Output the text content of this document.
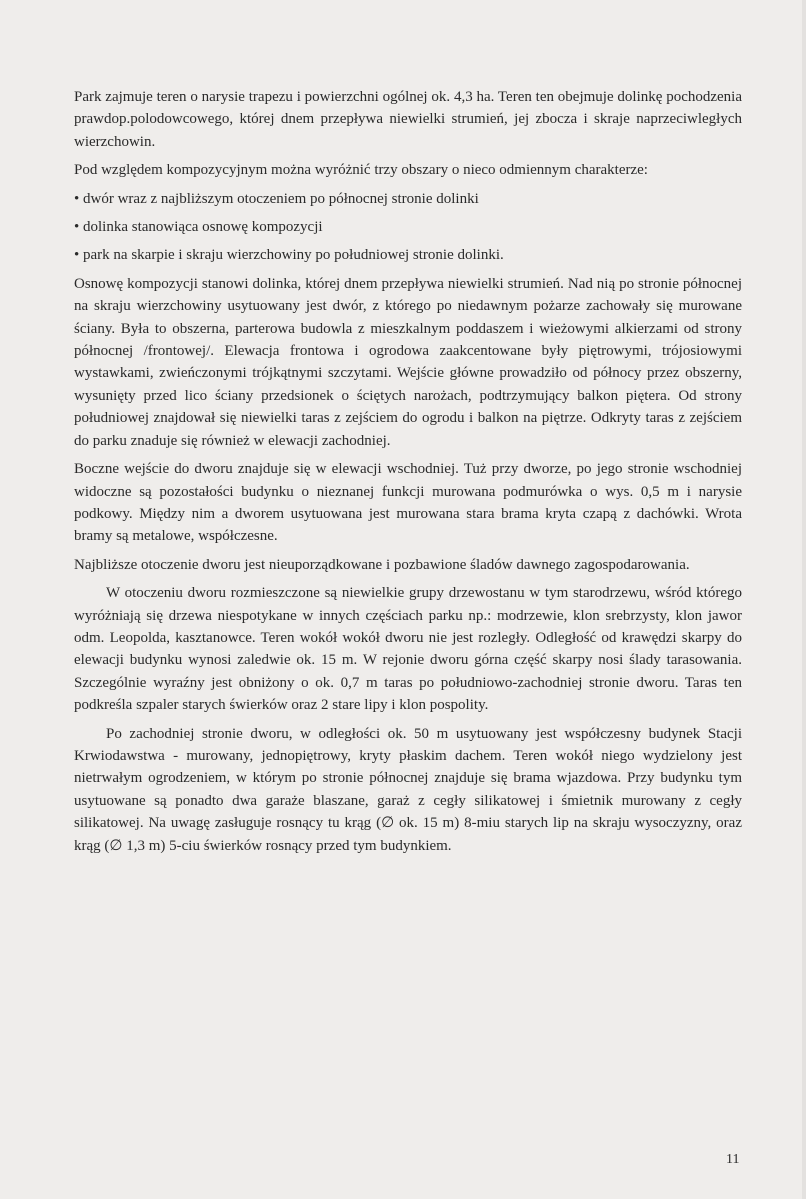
Park zajmuje teren o narysie trapezu i powierzchni ogólnej ok. 4,3 ha. Teren ten obejmuje dolinkę pochodzenia prawdop.polodowcowego, której dnem przepływa niewielki strumień, jej zbocza i skraje naprzeciwległych wierzchowin.

Pod względem kompozycyjnym można wyróżnić trzy obszary o nieco odmiennym charakterze:

• dwór wraz z najbliższym otoczeniem po północnej stronie dolinki

• dolinka stanowiąca osnowę kompozycji

• park na skarpie i skraju wierzchowiny po południowej stronie dolinki.

Osnowę kompozycji stanowi dolinka, której dnem przepływa niewielki strumień. Nad nią po stronie północnej na skraju wierzchowiny usytuowany jest dwór, z którego po niedawnym pożarze zachowały się murowane ściany. Była to obszerna, parterowa budowla z mieszkalnym poddaszem i wieżowymi alkierzami od strony północnej /frontowej/. Elewacja frontowa i ogrodowa zaakcentowane były piętrowymi, trójosiowymi wystawkami, zwieńczonymi trójkątnymi szczytami. Wejście główne prowadziło od północy przez obszerny, wysunięty przed lico ściany przedsionek o ściętych narożach, podtrzymujący balkon piętera. Od strony południowej znajdował się niewielki taras z zejściem do ogrodu i balkon na piętrze. Odkryty taras z zejściem do parku znaduje się również w elewacji zachodniej.

Boczne wejście do dworu znajduje się w elewacji wschodniej. Tuż przy dworze, po jego stronie wschodniej widoczne są pozostałości budynku o nieznanej funkcji murowana podmurówka o wys. 0,5 m i narysie podkowy. Między nim a dworem usytuowana jest murowana stara brama kryta czapą z dachówki. Wrota bramy są metalowe, współczesne.

Najbliższe otoczenie dworu jest nieuporządkowane i pozbawione śladów dawnego zagospodarowania.

W otoczeniu dworu rozmieszczone są niewielkie grupy drzewostanu w tym starodrzewu, wśród którego wyróżniają się drzewa niespotykane w innych częściach parku np.: modrzewie, klon srebrzysty, klon jawor odm. Leopolda, kasztanowce. Teren wokół wokół dworu nie jest rozległy. Odległość od krawędzi skarpy do elewacji budynku wynosi zaledwie ok. 15 m. W rejonie dworu górna część skarpy nosi ślady tarasowania. Szczególnie wyraźny jest obniżony o ok. 0,7 m taras po południowo-zachodniej stronie dworu. Taras ten podkreśla szpaler starych świerków oraz 2 stare lipy i klon pospolity.

Po zachodniej stronie dworu, w odległości ok. 50 m usytuowany jest współczesny budynek Stacji Krwiodawstwa - murowany, jednopiętrowy, kryty płaskim dachem. Teren wokół niego wydzielony jest nietrwałym ogrodzeniem, w którym po stronie północnej znajduje się brama wjazdowa. Przy budynku tym usytuowane są ponadto dwa garaże blaszane, garaż z cegły silikatowej i śmietnik murowany z cegły silikatowej. Na uwagę zasługuje rosnący tu krąg (∅ ok. 15 m) 8-miu starych lip na skraju wysoczyzny, oraz krąg (∅ 1,3 m) 5-ciu świerków rosnący przed tym budynkiem.

11
